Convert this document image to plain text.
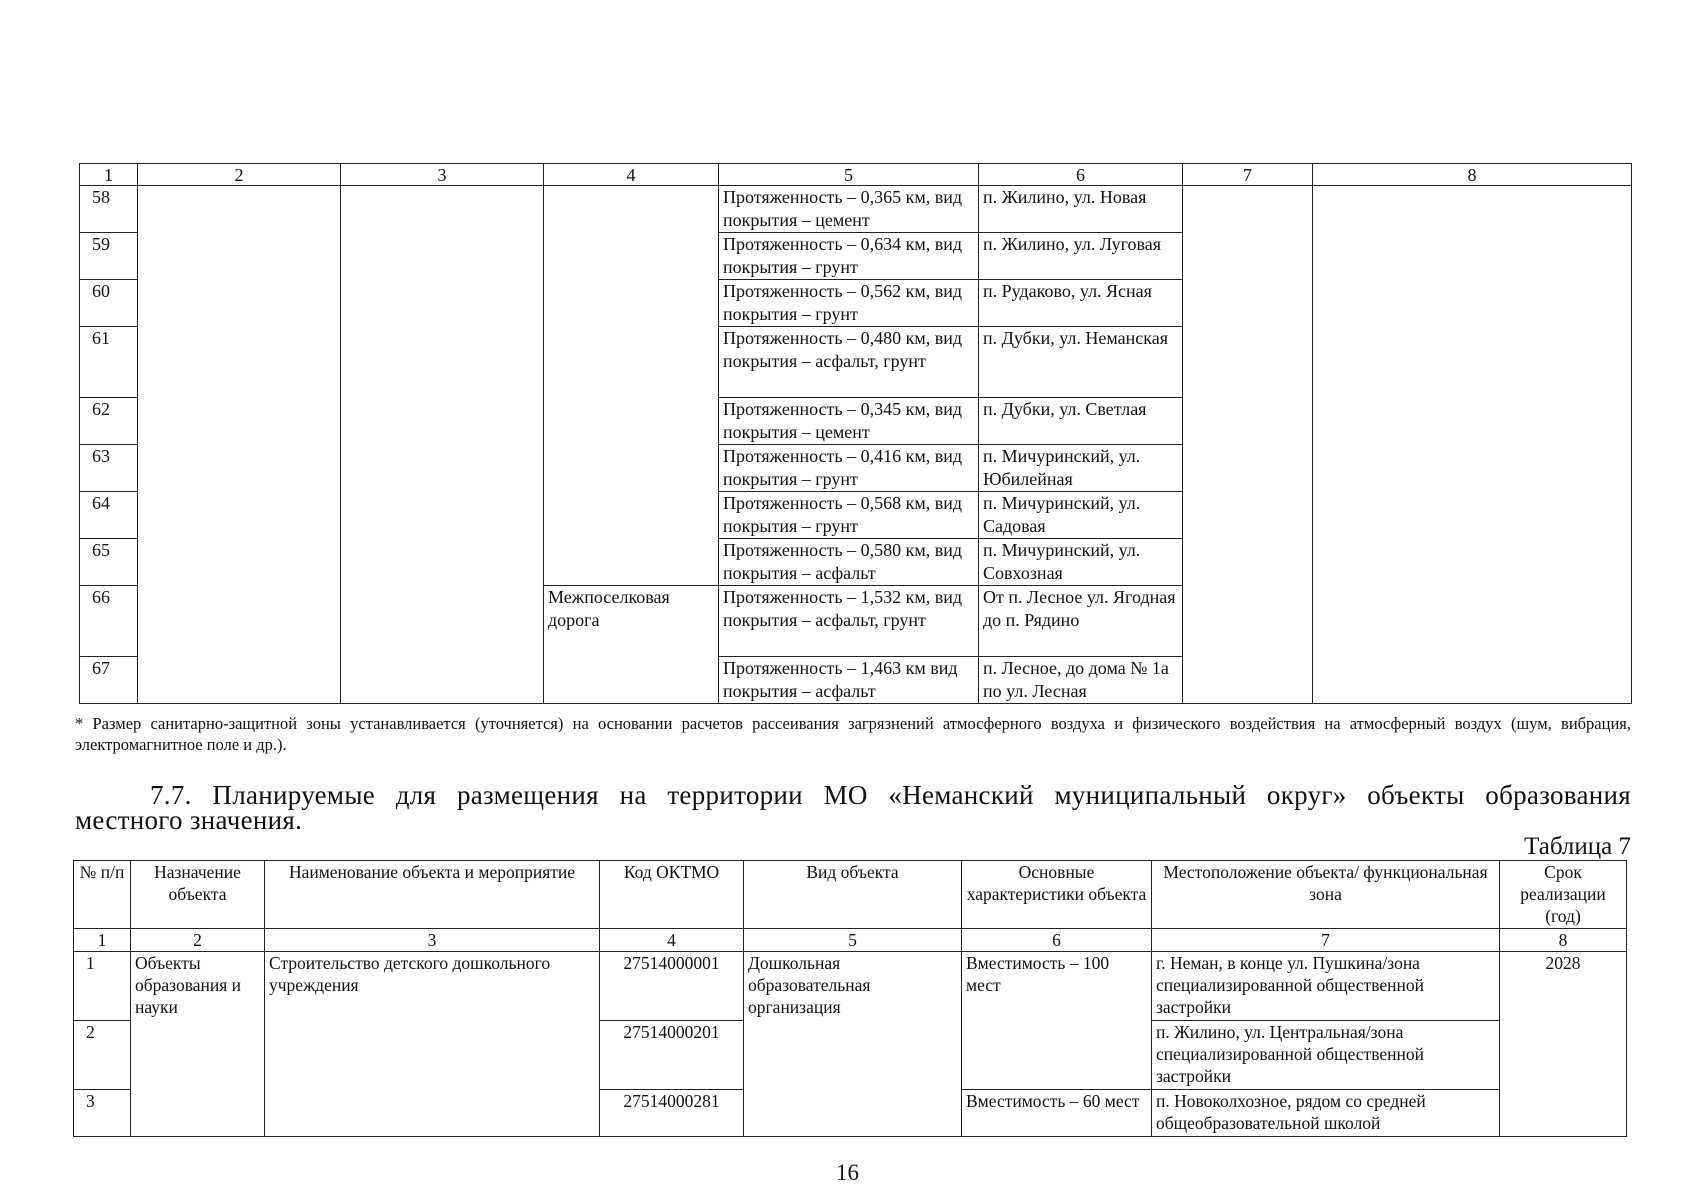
1	2	3	4	5	6	7	8
58				Протяженность – 0,365 км, вид покрытия – цемент	п. Жилино, ул. Новая		
59				Протяженность – 0,634 км, вид покрытия – грунт	п. Жилино, ул. Луговая		
60				Протяженность – 0,562 км, вид покрытия – грунт	п. Рудаково, ул. Ясная		
61				Протяженность – 0,480 км, вид покрытия – асфальт, грунт	п. Дубки, ул. Неманская		
62				Протяженность – 0,345 км, вид покрытия – цемент	п. Дубки, ул. Светлая		
63				Протяженность – 0,416 км, вид покрытия – грунт	п. Мичуринский, ул. Юбилейная		
64				Протяженность – 0,568 км, вид покрытия – грунт	п. Мичуринский, ул. Садовая		
65				Протяженность – 0,580 км, вид покрытия – асфальт	п. Мичуринский, ул. Совхозная		
66			Межпоселковая дорога	Протяженность – 1,532 км, вид покрытия – асфальт, грунт	От п. Лесное ул. Ягодная до п. Рядино		
67				Протяженность – 1,463 км вид покрытия – асфальт	п. Лесное, до дома № 1а по ул. Лесная		
* Размер санитарно-защитной зоны устанавливается (уточняется) на основании расчетов рассеивания загрязнений атмосферного воздуха и физического воздействия на атмосферный воздух (шум, вибрация, электромагнитное поле и др.).
7.7. Планируемые для размещения на территории МО «Неманский муниципальный округ» объекты образования
местного значения.
Таблица 7
№ п/п	Назначение объекта	Наименование объекта и мероприятие	Код ОКТМО	Вид объекта	Основные характеристики объекта	Местоположение объекта/ функциональная зона	Срок реализации (год)
1	2	3	4	5	6	7	8
1	Объекты образования и науки	Строительство детского дошкольного учреждения	27514000001	Дошкольная образовательная организация	Вместимость – 100 мест	г. Неман, в конце ул. Пушкина/зона специализированной общественной застройки	2028
2			27514000201			п. Жилино, ул. Центральная/зона специализированной общественной застройки	
3			27514000281		Вместимость – 60 мест	п. Новоколхозное, рядом со средней общеобразовательной школой	
16
